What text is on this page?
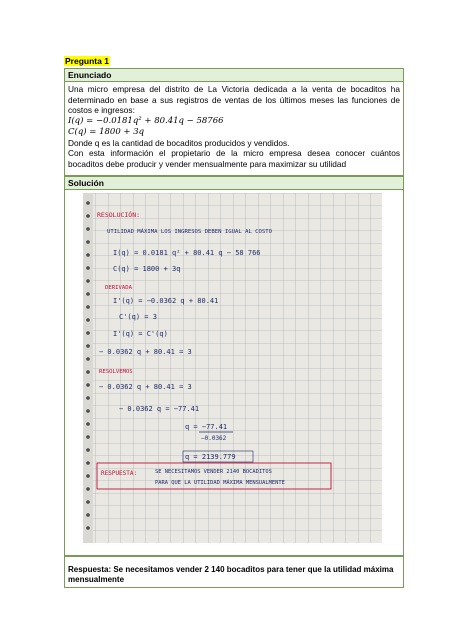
Pregunta 1
Enunciado
Una micro empresa del distrito de La Victoria dedicada a la venta de bocaditos ha determinado en base a sus registros de ventas de los últimos meses las funciones de costos e ingresos:
I(q) = −0.0181q² + 80.41q − 58766
C(q) = 1800 + 3q
Donde q es la cantidad de bocaditos producidos y vendidos.
Con esta información el propietario de la micro empresa desea conocer cuántos bocaditos debe producir y vender mensualmente para maximizar su utilidad
Solución
RESOLUCIÓN:
UTILIDAD MÁXIMA LOS INGRESOS DEBEN IGUAL AL COSTO
I(q) = 0.0181 q² + 80.41 q − 58 766
C(q) = 1800 + 3q
DERIVADA
I'(q) = −0.0362 q + 80.41
C'(q) = 3
I'(q) = C'(q)
− 0.0362 q + 80.41 = 3
RESOLVEMOS
− 0.0362 q + 80.41 = 3
− 0.0362 q = −77.41
q = −77.41
−0.0362
q = 2139.779
RESPUESTA:	SE NECESITAMOS VENDER 2140 BOCADITOS
PARA QUE LA UTILIDAD MÁXIMA MENSUALMENTE
Respuesta: Se necesitamos vender 2 140 bocaditos para tener que la utilidad máxima mensualmente
